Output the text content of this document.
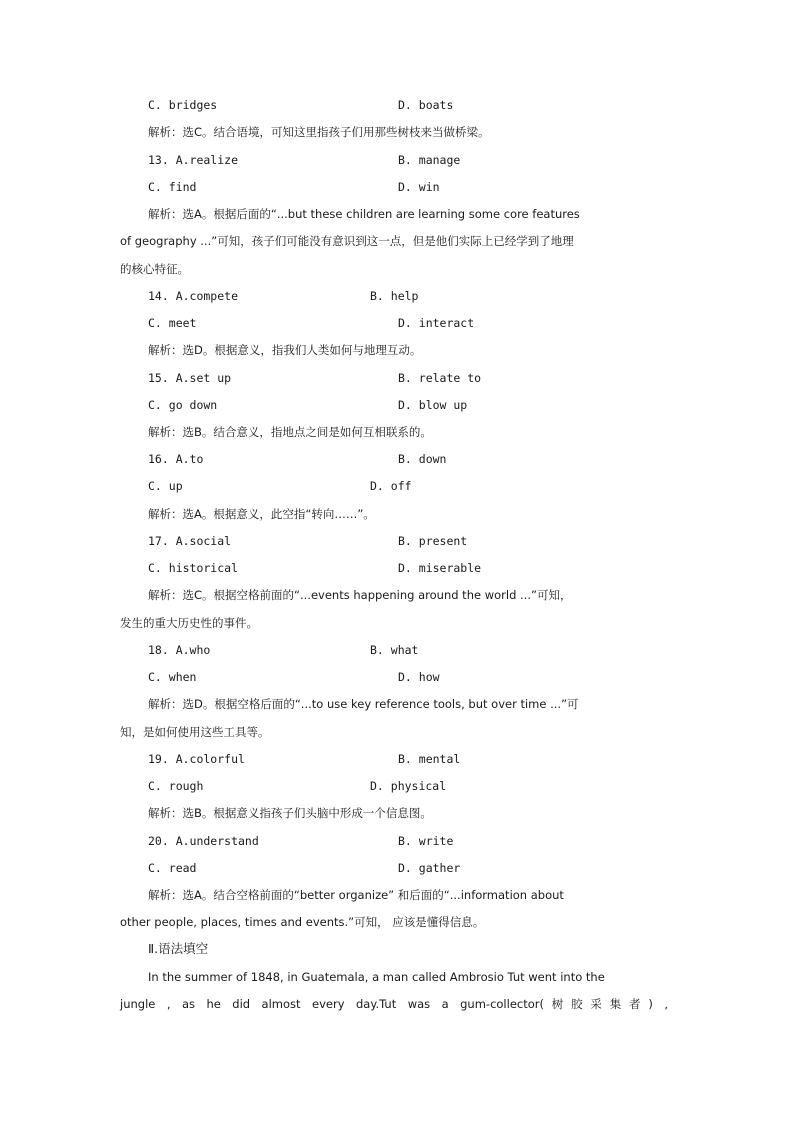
C. bridges	D. boats
解析：选C。结合语境，可知这里指孩子们用那些树枝来当做桥梁。
13. A.realize	B. manage
C. find	D. win
解析：选A。根据后面的“...but these children are learning some core features
of geography ...”可知，孩子们可能没有意识到这一点，但是他们实际上已经学到了地理
的核心特征。
14. A.compete	B. help
C. meet	D. interact
解析：选D。根据意义，指我们人类如何与地理互动。
15. A.set up	B. relate to
C. go down	D. blow up
解析：选B。结合意义，指地点之间是如何互相联系的。
16. A.to	B. down
C. up	D. off
解析：选A。根据意义，此空指“转向……”。
17. A.social	B. present
C. historical	D. miserable
解析：选C。根据空格前面的“...events happening around the world ...”可知，
发生的重大历史性的事件。
18. A.who	B. what
C. when	D. how
解析：选D。根据空格后面的“...to use key reference tools, but over time ...”可
知，是如何使用这些工具等。
19. A.colorful	B. mental
C. rough	D. physical
解析：选B。根据意义指孩子们头脑中形成一个信息图。
20. A.understand	B. write
C. read	D. gather
解析：选A。结合空格前面的“better organize” 和后面的“...information about
other people, places, times and events.”可知， 应该是懂得信息。
Ⅱ.语法填空
In the summer of 1848, in Guatemala, a man called Ambrosio Tut went into the
jungle , as he did almost every day.Tut was a gum-collector(树胶采集者) ,
